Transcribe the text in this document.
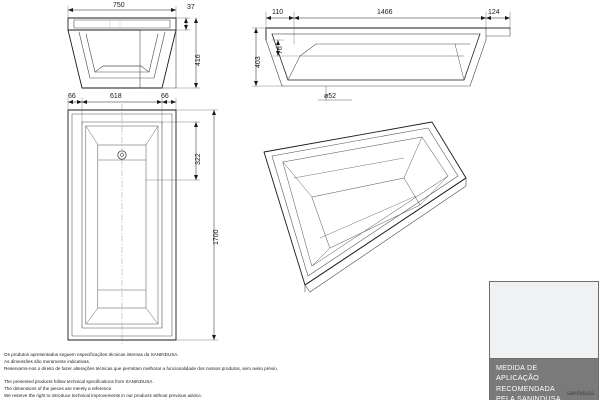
750	37
416
66	618	66
322
1700
110	1466	124
403
76
ø52
Os produtos apresentados seguem especificações técnicas internas da SANINDUSA.
As dimensões são meramente indicativas.
Reservamo-nos o direito de fazer alterações técnicas que permitam melhorar a funcionalidade dos nossos produtos, sem aviso prévio.
The presented products follow technical specifications from SANINDUSA.
The dimensions of the pieces are merely a reference.
We reserve the right to introduce technical improvements in our products without previous advice.
MEDIDA DE
APLICAÇÃO
RECOMENDADA
PELA SANINDUSA
sanindusa
